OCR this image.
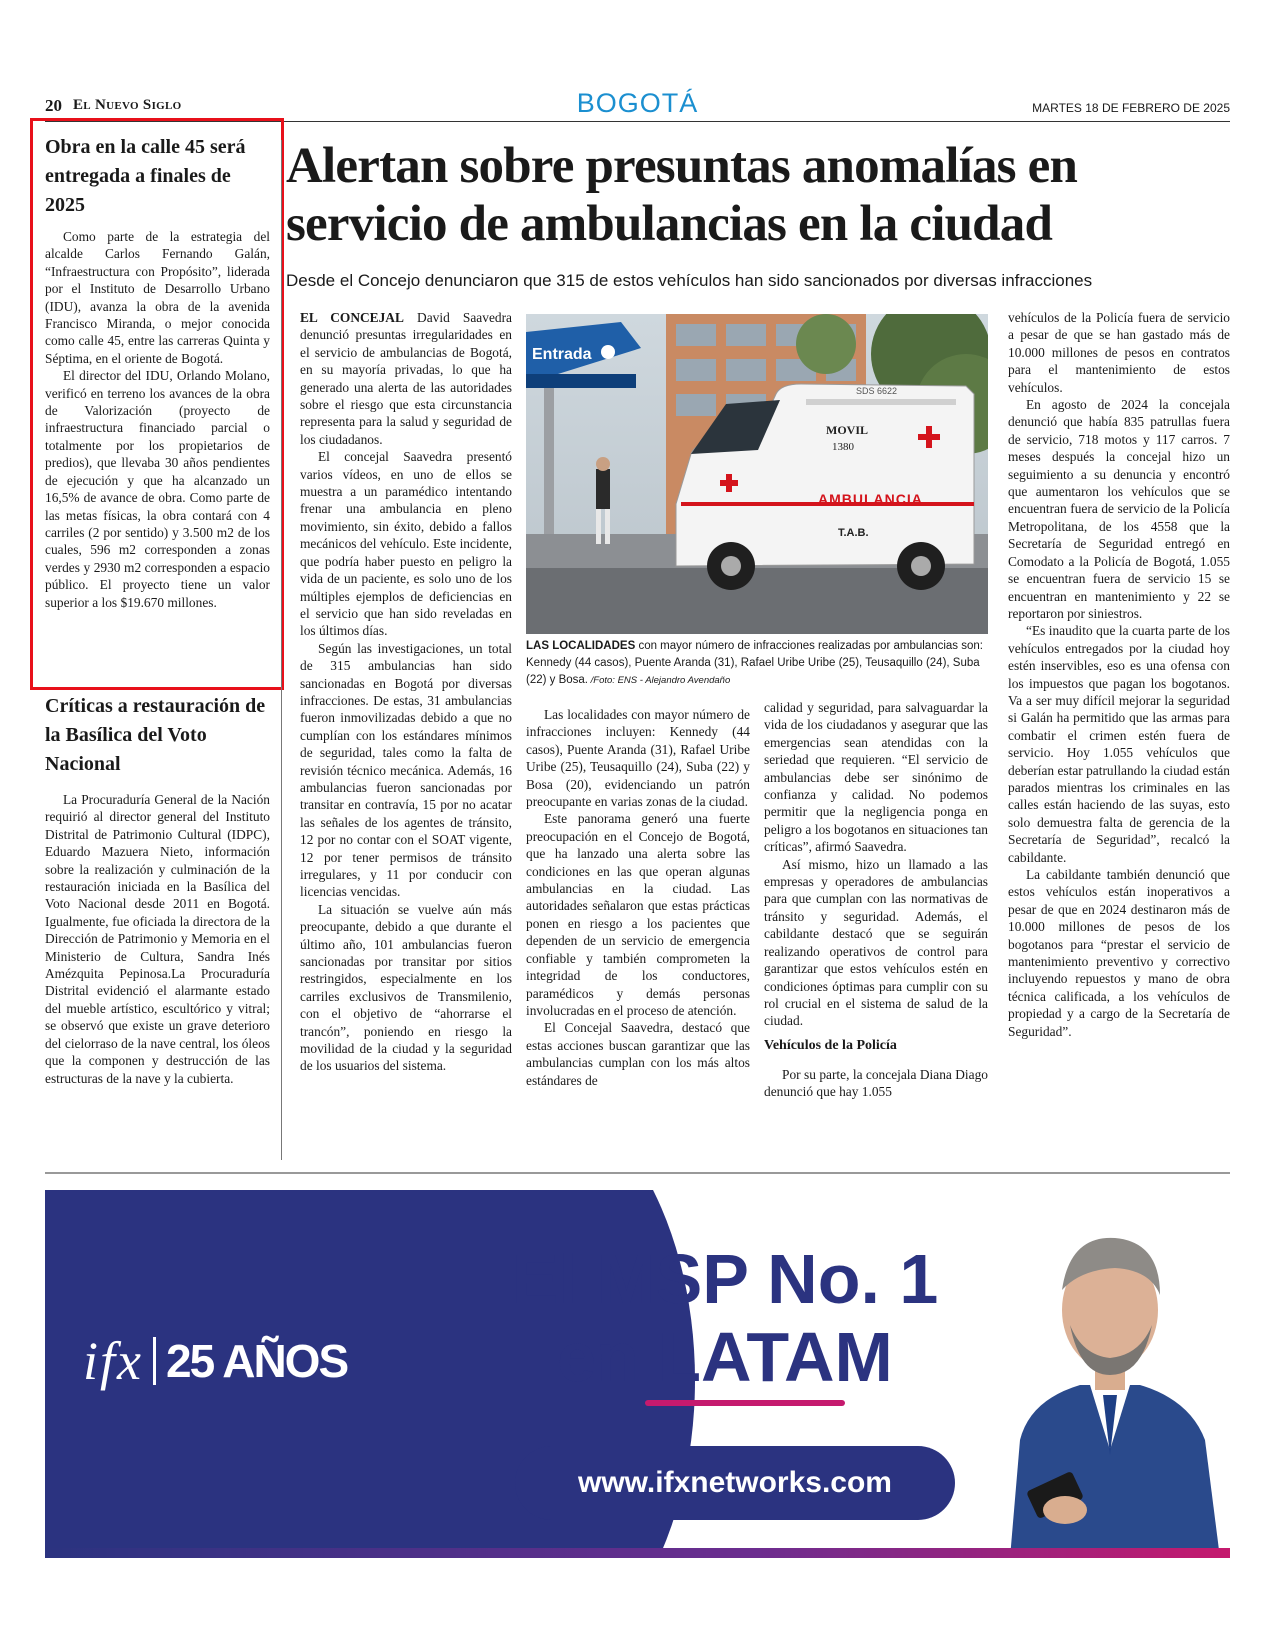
20 El Nuevo Siglo	BOGOTÁ	MARTES 18 DE FEBRERO DE 2025
Obra en la calle 45 será entregada a finales de 2025

Como parte de la estrategia del alcalde Carlos Fernando Galán, “Infraestructura con Propósito”, liderada por el Instituto de Desarrollo Urbano (IDU), avanza la obra de la avenida Francisco Miranda, o mejor conocida como calle 45, entre las carreras Quinta y Séptima, en el oriente de Bogotá.

El director del IDU, Orlando Molano, verificó en terreno los avances de la obra de Valorización (proyecto de infraestructura financiado parcial o totalmente por los propietarios de predios), que llevaba 30 años pendientes de ejecución y que ha alcanzado un 16,5% de avance de obra. Como parte de las metas físicas, la obra contará con 4 carriles (2 por sentido) y 3.500 m2 de los cuales, 596 m2 corresponden a zonas verdes y 2930 m2 corresponden a espacio público. El proyecto tiene un valor superior a los $19.670 millones.

Críticas a restauración de la Basílica del Voto Nacional

La Procuraduría General de la Nación requirió al director general del Instituto Distrital de Patrimonio Cultural (IDPC), Eduardo Mazuera Nieto, información sobre la realización y culminación de la restauración iniciada en la Basílica del Voto Nacional desde 2011 en Bogotá. Igualmente, fue oficiada la directora de la Dirección de Patrimonio y Memoria en el Ministerio de Cultura, Sandra Inés Amézquita Pepinosa.La Procuraduría Distrital evidenció el alarmante estado del mueble artístico, escultórico y vitral; se observó que existe un grave deterioro del cielorraso de la nave central, los óleos que la componen y destrucción de las estructuras de la nave y la cubierta.

Alertan sobre presuntas anomalías en servicio de ambulancias en la ciudad
Desde el Concejo denunciaron que 315 de estos vehículos han sido sancionados por diversas infracciones

EL CONCEJAL David Saavedra denunció presuntas irregularidades en el servicio de ambulancias de Bogotá, en su mayoría privadas, lo que ha generado una alerta de las autoridades sobre el riesgo que esta circunstancia representa para la salud y seguridad de los ciudadanos.

El concejal Saavedra presentó varios vídeos, en uno de ellos se muestra a un paramédico intentando frenar una ambulancia en pleno movimiento, sin éxito, debido a fallos mecánicos del vehículo. Este incidente, que podría haber puesto en peligro la vida de un paciente, es solo uno de los múltiples ejemplos de deficiencias en el servicio que han sido reveladas en los últimos días.

Según las investigaciones, un total de 315 ambulancias han sido sancionadas en Bogotá por diversas infracciones. De estas, 31 ambulancias fueron inmovilizadas debido a que no cumplían con los estándares mínimos de seguridad, tales como la falta de revisión técnico mecánica. Además, 16 ambulancias fueron sancionadas por transitar en contravía, 15 por no acatar las señales de los agentes de tránsito, 12 por no contar con el SOAT vigente, 12 por tener permisos de tránsito irregulares, y 11 por conducir con licencias vencidas.

La situación se vuelve aún más preocupante, debido a que durante el último año, 101 ambulancias fueron sancionadas por transitar por sitios restringidos, especialmente en los carriles exclusivos de Transmilenio, con el objetivo de “ahorrarse el trancón”, poniendo en riesgo la movilidad de la ciudad y la seguridad de los usuarios del sistema.

Entrada
SDS 6622
MOVIL
1380
AMBULANCIA
T.A.B.
LAS LOCALIDADES con mayor número de infracciones realizadas por ambulancias son: Kennedy (44 casos), Puente Aranda (31), Rafael Uribe Uribe (25), Teusaquillo (24), Suba (22) y Bosa. /Foto: ENS - Alejandro Avendaño

Las localidades con mayor número de infracciones incluyen: Kennedy (44 casos), Puente Aranda (31), Rafael Uribe Uribe (25), Teusaquillo (24), Suba (22) y Bosa (20), evidenciando un patrón preocupante en varias zonas de la ciudad.

Este panorama generó una fuerte preocupación en el Concejo de Bogotá, que ha lanzado una alerta sobre las condiciones en las que operan algunas ambulancias en la ciudad. Las autoridades señalaron que estas prácticas ponen en riesgo a los pacientes que dependen de un servicio de emergencia confiable y también comprometen la integridad de los conductores, paramédicos y demás personas involucradas en el proceso de atención.

El Concejal Saavedra, destacó que estas acciones buscan garantizar que las ambulancias cumplan con los más altos estándares de

calidad y seguridad, para salvaguardar la vida de los ciudadanos y asegurar que las emergencias sean atendidas con la seriedad que requieren. “El servicio de ambulancias debe ser sinónimo de confianza y calidad. No podemos permitir que la negligencia ponga en peligro a los bogotanos en situaciones tan críticas”, afirmó Saavedra.

Así mismo, hizo un llamado a las empresas y operadores de ambulancias para que cumplan con las normativas de tránsito y seguridad. Además, el cabildante destacó que se seguirán realizando operativos de control para garantizar que estos vehículos estén en condiciones óptimas para cumplir con su rol crucial en el sistema de salud de la ciudad.

Vehículos de la Policía

Por su parte, la concejala Diana Diago denunció que hay 1.055

vehículos de la Policía fuera de servicio a pesar de que se han gastado más de 10.000 millones de pesos en contratos para el mantenimiento de estos vehículos.

En agosto de 2024 la concejala denunció que había 835 patrullas fuera de servicio, 718 motos y 117 carros. 7 meses después la concejal hizo un seguimiento a su denuncia y encontró que aumentaron los vehículos que se encuentran fuera de servicio de la Policía Metropolitana, de los 4558 que la Secretaría de Seguridad entregó en Comodato a la Policía de Bogotá, 1.055 se encuentran fuera de servicio 15 se encuentran en mantenimiento y 22 se reportaron por siniestros.

“Es inaudito que la cuarta parte de los vehículos entregados por la ciudad hoy estén inservibles, eso es una ofensa con los impuestos que pagan los bogotanos. Va a ser muy difícil mejorar la seguridad si Galán ha permitido que las armas para combatir el crimen estén fuera de servicio. Hoy 1.055 vehículos que deberían estar patrullando la ciudad están parados mientras los criminales en las calles están haciendo de las suyas, esto solo demuestra falta de gerencia de la Secretaría de Seguridad”, recalcó la cabildante.

La cabildante también denunció que estos vehículos están inoperativos a pesar de que en 2024 destinaron más de 10.000 millones de pesos de los bogotanos para “prestar el servicio de mantenimiento preventivo y correctivo incluyendo repuestos y mano de obra técnica calificada, a los vehículos de propiedad y a cargo de la Secretaría de Seguridad”.

ifx 25 AÑOS
El MSP No. 1
en LATAM
www.ifxnetworks.com
